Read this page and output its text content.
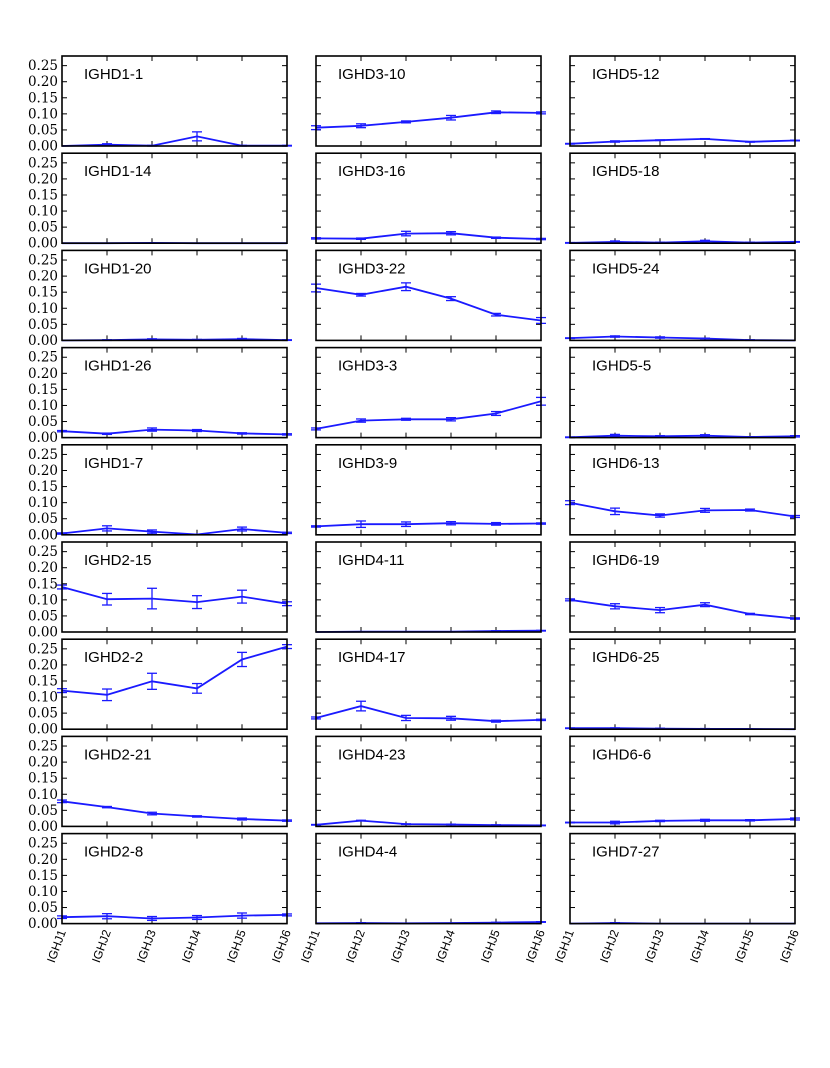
0.00
0.05
0.10
0.15
0.20
0.25 IGHD1-1	IGHD3-10	IGHD5-12
0.00
0.05
0.10
0.15
0.20
0.25 IGHD1-14	IGHD3-16	IGHD5-18
0.00
0.05
0.10
0.15
0.20
0.25 IGHD1-20	IGHD3-22	IGHD5-24
0.00
0.05
0.10
0.15
0.20
0.25 IGHD1-26	IGHD3-3	IGHD5-5
0.00
0.05
0.10
0.15
0.20
0.25 IGHD1-7	IGHD3-9	IGHD6-13
0.00
0.05
0.10
0.15
0.20
0.25 IGHD2-15	IGHD4-11	IGHD6-19
0.00
0.05
0.10
0.15
0.20
0.25 IGHD2-2	IGHD4-17	IGHD6-25
0.00
0.05
0.10
0.15
0.20
0.25 IGHD2-21	IGHD4-23	IGHD6-6
0.00
0.05
0.10
0.15
0.20
0.25 IGHD2-8	IGHD4-4	IGHD7-27
IGHJ1 IGHJ2 IGHJ3 IGHJ4 IGHJ5 IGHJ6 IGHJ1 IGHJ2 IGHJ3 IGHJ4 IGHJ5 IGHJ6 IGHJ1 IGHJ2 IGHJ3 IGHJ4 IGHJ5 IGHJ6
